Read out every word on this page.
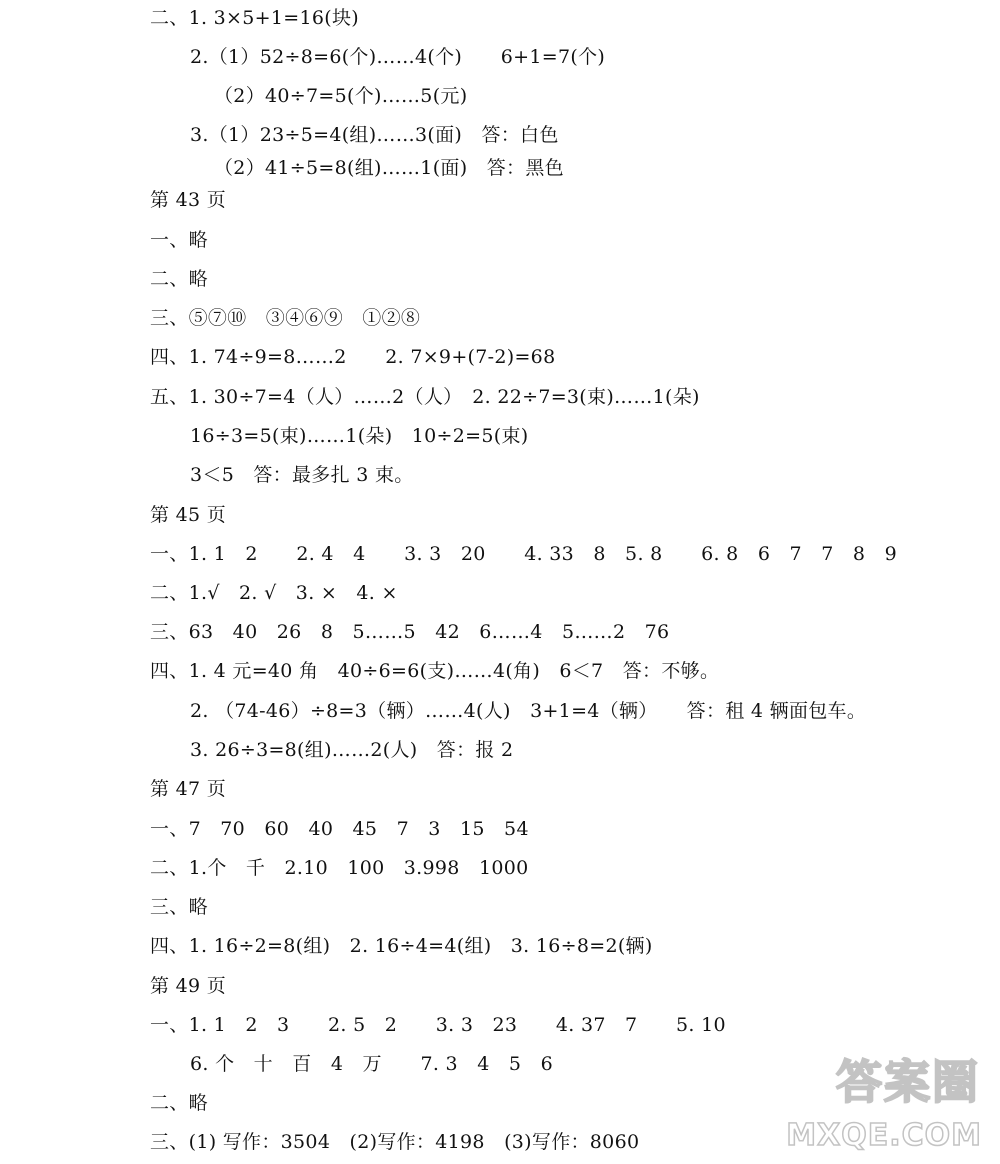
二、1. 3×5+1=16(块)
2.（1）52÷8=6(个)……4(个)　　6+1=7(个)
（2）40÷7=5(个)……5(元)
3.（1）23÷5=4(组)……3(面)　答：白色
（2）41÷5=8(组)……1(面)　答：黑色
第 43 页
一、略
二、略
三、⑤⑦⑩　③④⑥⑨　①②⑧
四、1. 74÷9=8……2　　2. 7×9+(7-2)=68
五、1. 30÷7=4（人）……2（人）　2. 22÷7=3(束)……1(朵)
16÷3=5(束)……1(朵)　10÷2=5(束)
3＜5　答：最多扎 3 束。
第 45 页
一、1. 1　2　　2. 4　4　　3. 3　20　　4. 33　8　5. 8　　6. 8　6　7　7　8　9
二、1.√　2. √　3. ×　4. ×
三、63　40　26　8　5……5　42　6……4　5……2　76
四、1. 4 元=40 角　40÷6=6(支)……4(角)　6＜7　答：不够。
2. （74-46）÷8=3（辆）……4(人)　3+1=4（辆）　　答：租 4 辆面包车。
3. 26÷3=8(组)……2(人)　答：报 2
第 47 页
一、7　70　60　40　45　7　3　15　54
二、1.个　千　2.10　100　3.998　1000
三、略
四、1. 16÷2=8(组)　2. 16÷4=4(组)　3. 16÷8=2(辆)
第 49 页
一、1. 1　2　3　　2. 5　2　　3. 3　23　　4. 37　7　　5. 10
6. 个　十　百　4　万　　7. 3　4　5　6
二、略
三、(1) 写作：3504　(2)写作：4198　(3)写作：8060
答案圈
MXQE.COM
